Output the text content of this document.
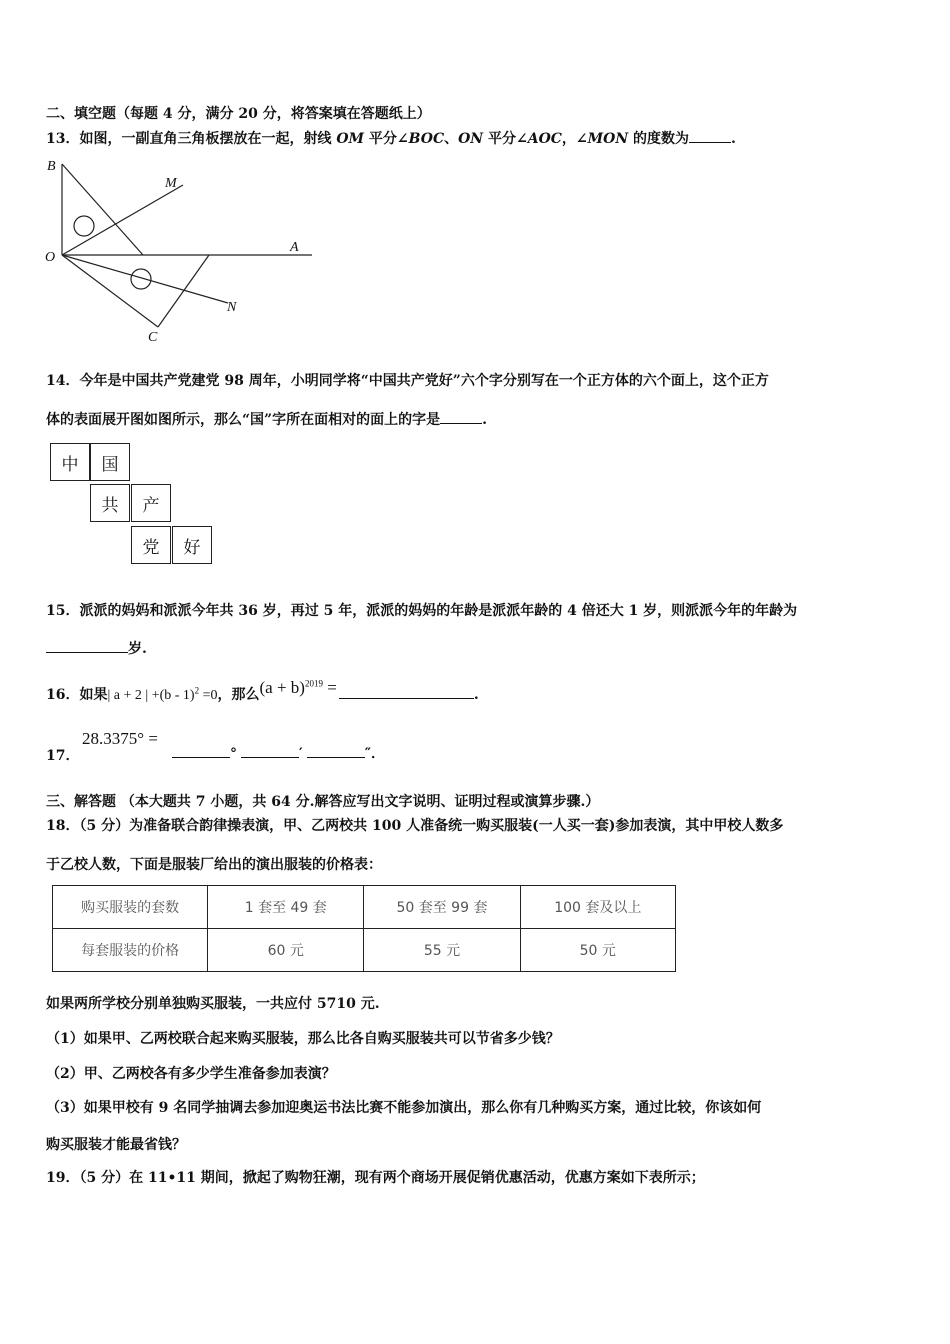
二、填空题（每题 4 分，满分 20 分，将答案填在答题纸上）
13．如图，一副直角三角板摆放在一起，射线 OM 平分∠BOC、ON 平分∠AOC，∠MON 的度数为	.
B
M
O
A
N
C
14．今年是中国共产党建党 98 周年，小明同学将“中国共产党好”六个字分别写在一个正方体的六个面上，这个正方
体的表面展开图如图所示，那么“国”字所在面相对的面上的字是	.
中	国
共	产
党	好
15．派派的妈妈和派派今年共 36 岁，再过 5 年，派派的妈妈的年龄是派派年龄的 4 倍还大 1 岁，则派派今年的年龄为
岁.
16．如果| a + 2 | +(b - 1)$^2$ =0，那么$(a + b)^{2019}$ =	.
17．
28.3375° =
°	′	″．
三、解答题 （本大题共 7 小题，共 64 分.解答应写出文字说明、证明过程或演算步骤.）
18．（5 分）为准备联合韵律操表演，甲、乙两校共 100 人准备统一购买服装(一人买一套)参加表演，其中甲校人数多
于乙校人数，下面是服装厂给出的演出服装的价格表：
购买服装的套数	1 套至 49 套	50 套至 99 套	100 套及以上
每套服装的价格	60 元	55 元	50 元
如果两所学校分别单独购买服装，一共应付 5710 元.
（1）如果甲、乙两校联合起来购买服装，那么比各自购买服装共可以节省多少钱？
（2）甲、乙两校各有多少学生准备参加表演？
（3）如果甲校有 9 名同学抽调去参加迎奥运书法比赛不能参加演出，那么你有几种购买方案，通过比较，你该如何
购买服装才能最省钱？
19．（5 分）在 11•11 期间，掀起了购物狂潮，现有两个商场开展促销优惠活动，优惠方案如下表所示；
